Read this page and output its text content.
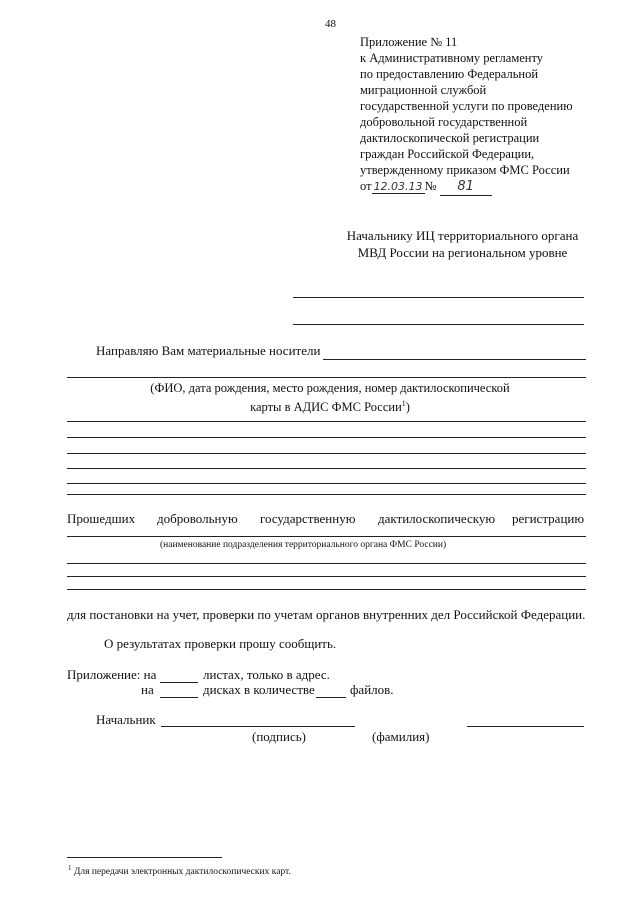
48
Приложение № 11
к Административному регламенту
по предоставлению Федеральной
миграционной службой
государственной услуги по проведению
добровольной государственной
дактилоскопической регистрации
граждан Российской Федерации,
утвержденному приказом ФМС России
от 12.03.13 № 81
Начальнику ИЦ территориального органа МВД России на региональном уровне
Направляю Вам материальные носители
(ФИО, дата рождения, место рождения, номер дактилоскопической карты в АДИС ФМС России$^1$)
Прошедших добровольную государственную дактилоскопическую регистрацию
(наименование подразделения территориального органа ФМС России)
для постановки на учет, проверки по учетам органов внутренних дел Российской Федерации.
О результатах проверки прошу сообщить.
Приложение: на	листах, только в адрес.
на	дисках в количестве	файлов.
Начальник
(подпись)	(фамилия)
$^1$ Для передачи электронных дактилоскопических карт.
